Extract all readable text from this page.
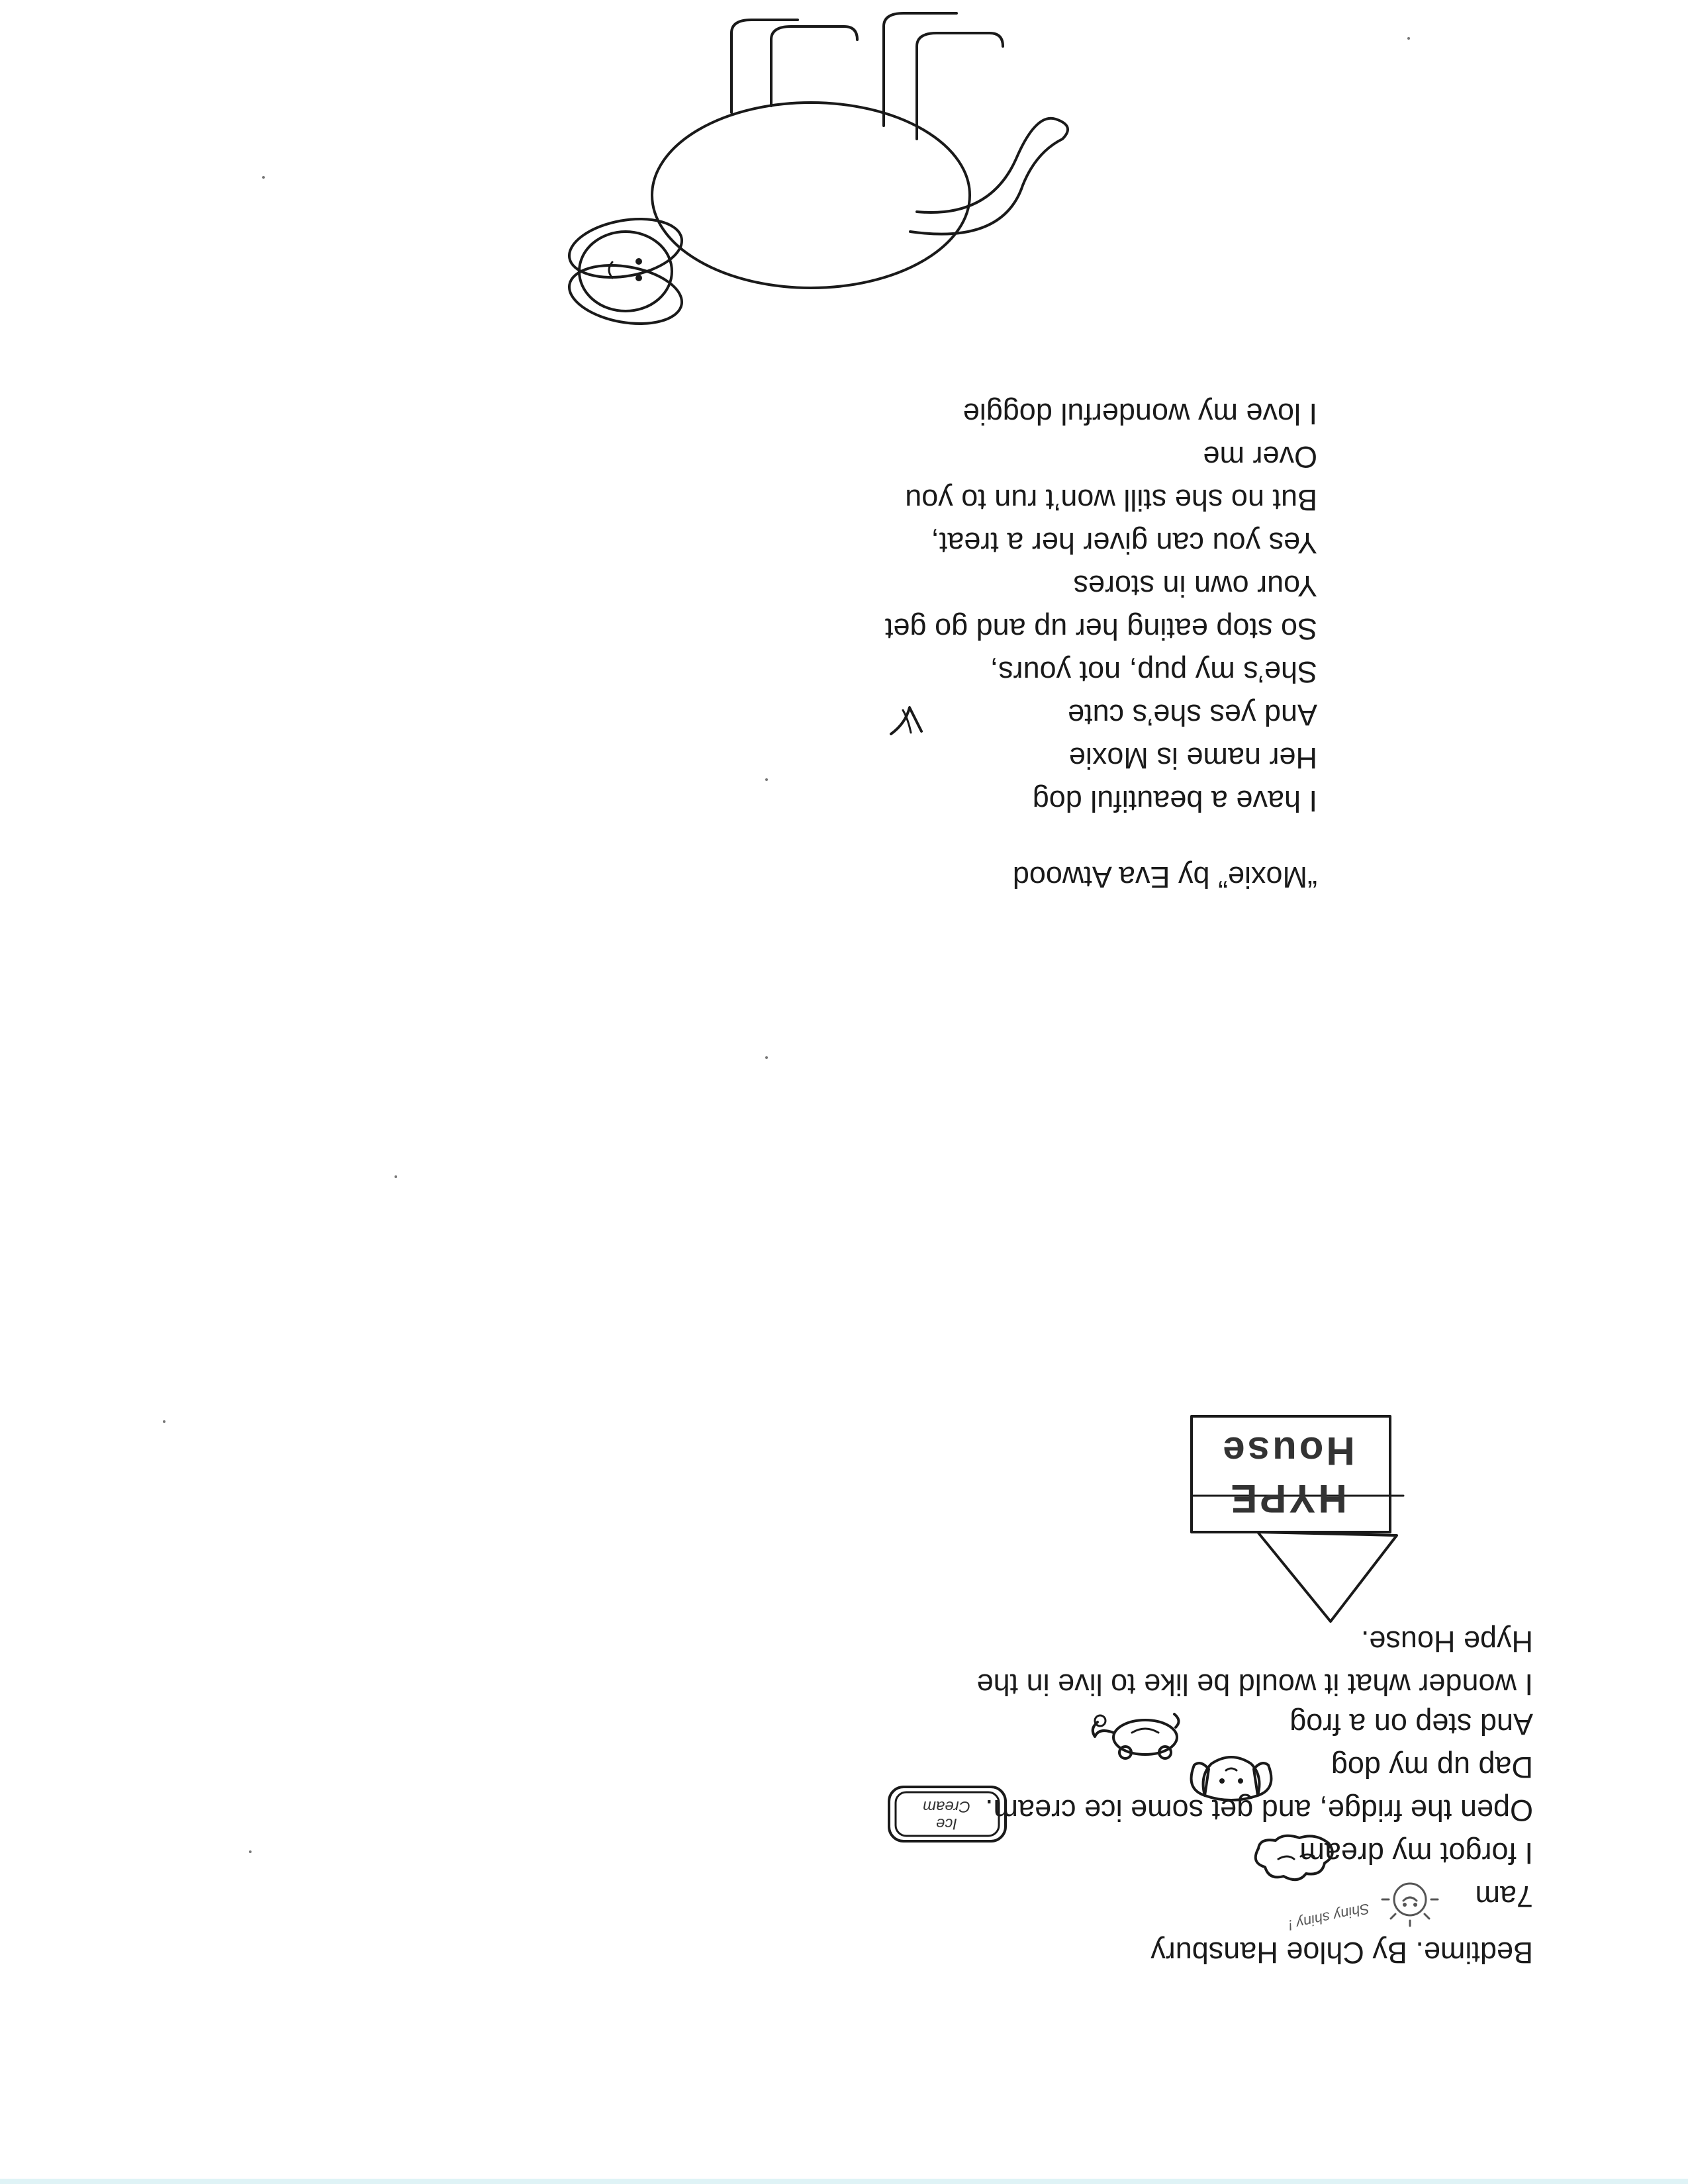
Bedtime. By Chloe Hansbury

7am

I forgot my dream

Open the fridge, and get some ice cream.

Dap up my dog

And step on a frog

I wonder what it would be like to live in the

Hype House.

“Moxie” by Eva Atwood

I have a beautiful dog

Her name is Moxie

And yes she’s cute

She’s my pup, not yours,

So stop eating her up and go get

Your own in stores

Yes you can giver her a treat,

But no she still won’t run to you

Over me

I love my wonderful doggie

Shiny shiny !

Ice Cream
HYPE House
